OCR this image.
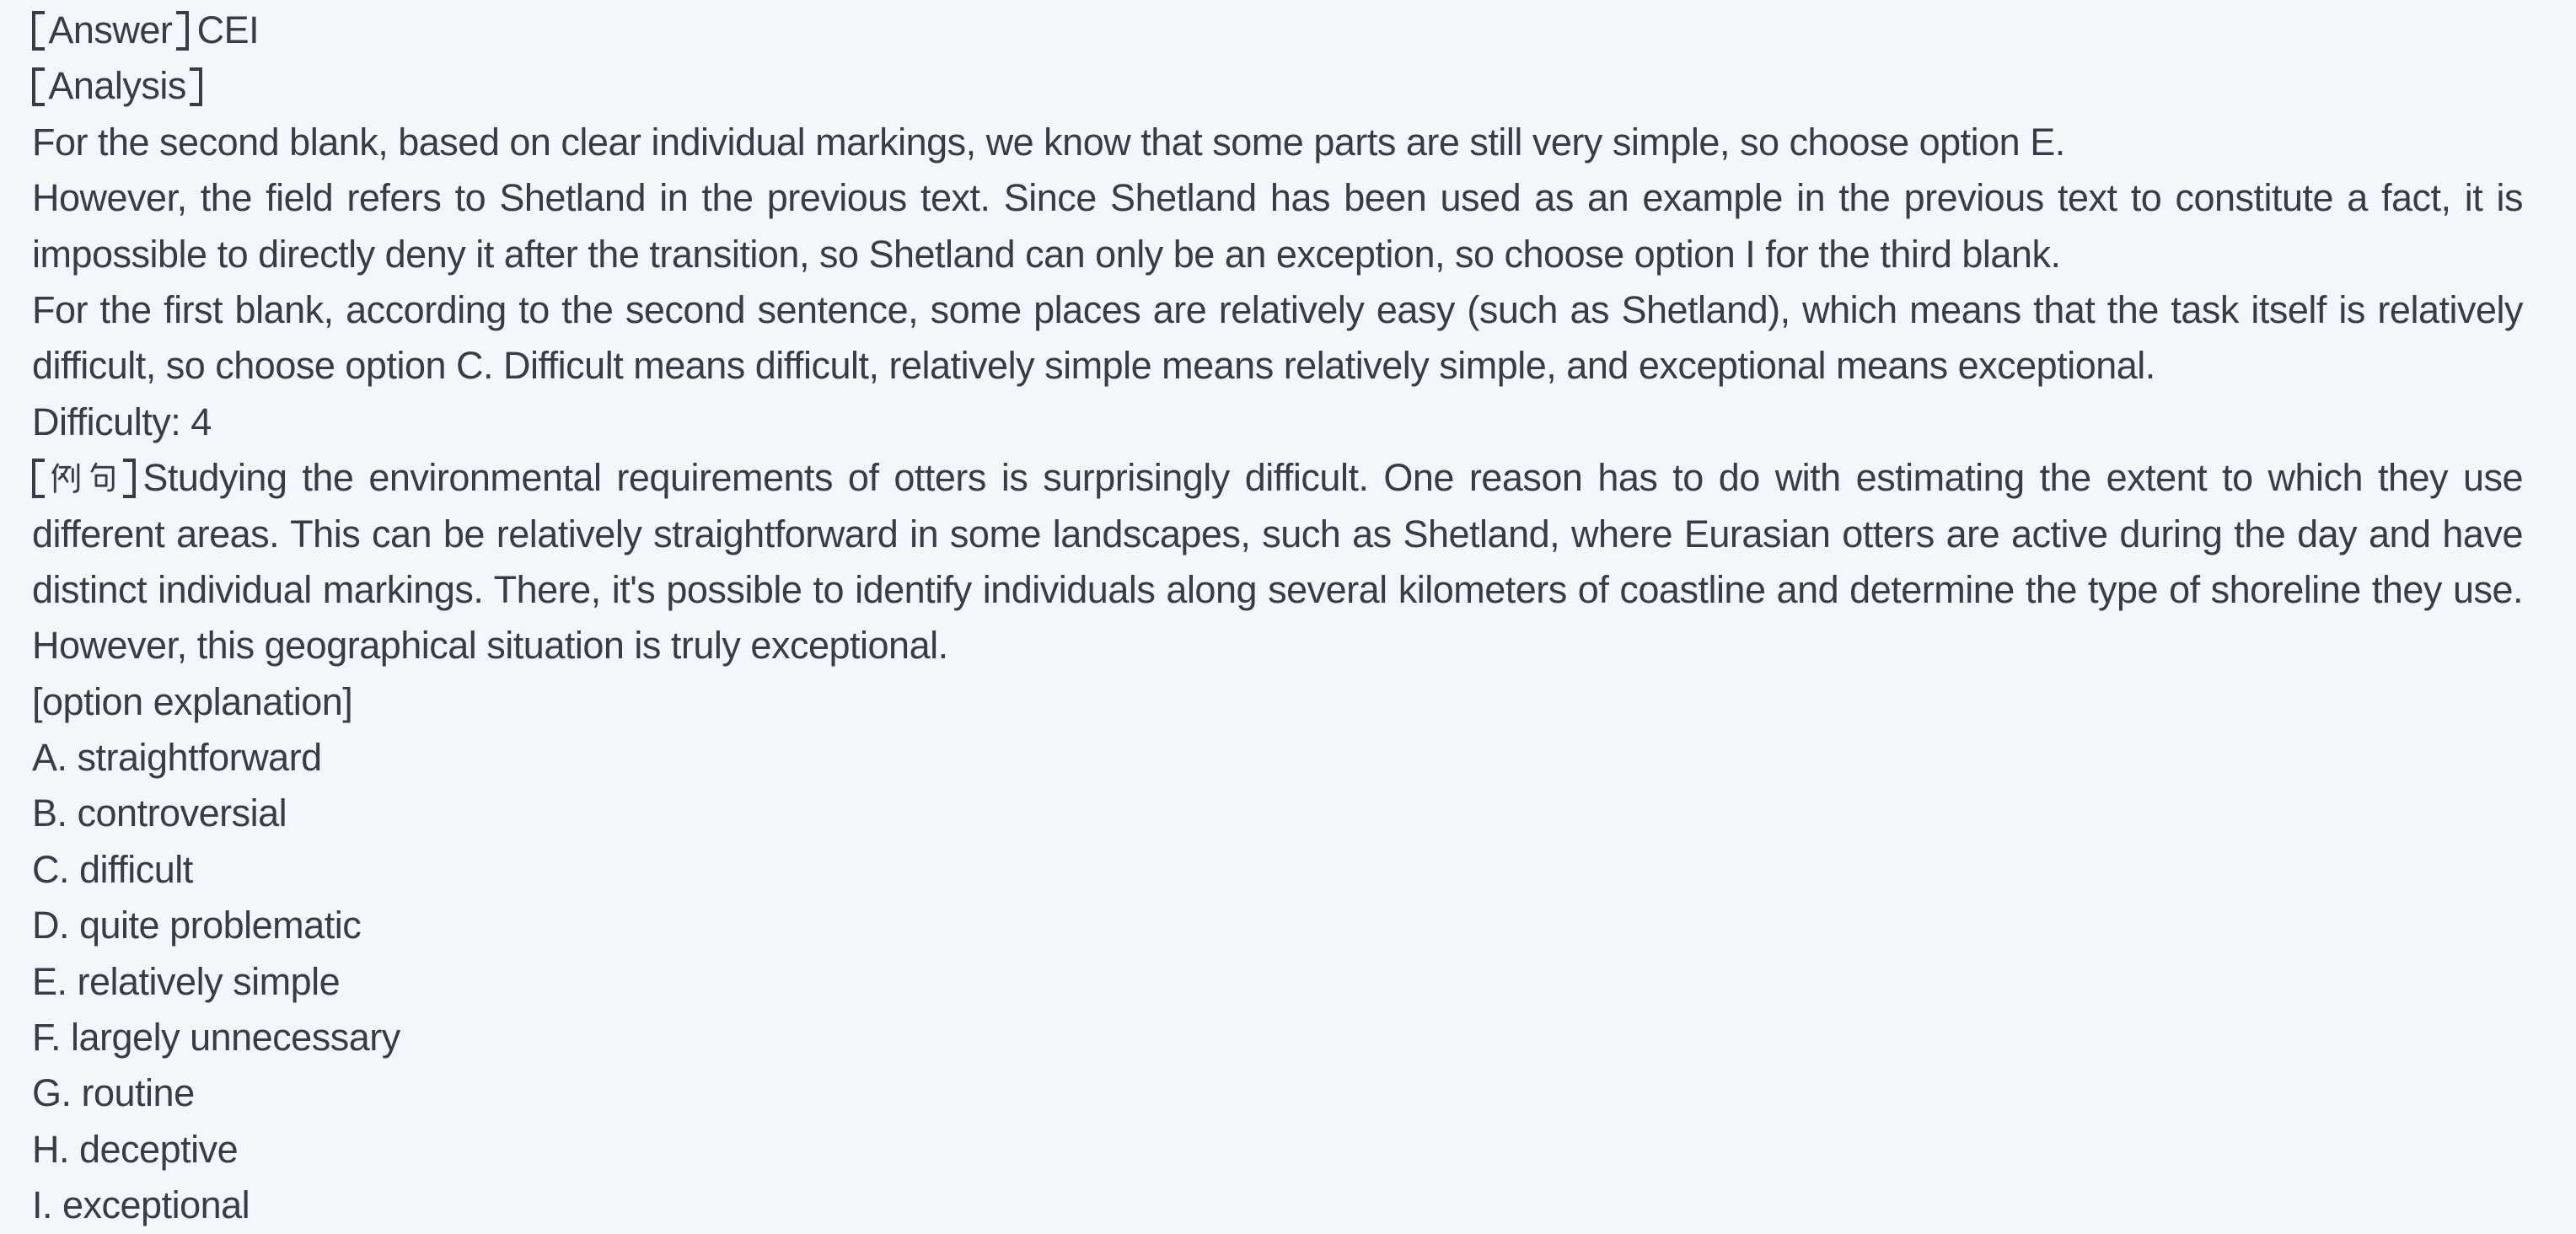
Answer CEI
Analysis
For the second blank, based on clear individual markings, we know that some parts are still very simple, so choose option E.
However, the field refers to Shetland in the previous text. Since Shetland has been used as an example in the previous text to constitute a fact, it is
impossible to directly deny it after the transition, so Shetland can only be an exception, so choose option I for the third blank.
For the first blank, according to the second sentence, some places are relatively easy (such as Shetland), which means that the task itself is relatively
difficult, so choose option C. Difficult means difficult, relatively simple means relatively simple, and exceptional means exceptional.
Difficulty: 4
Studying the environmental requirements of otters is surprisingly difficult. One reason has to do with estimating the extent to which they use
different areas. This can be relatively straightforward in some landscapes, such as Shetland, where Eurasian otters are active during the day and have
distinct individual markings. There, it's possible to identify individuals along several kilometers of coastline and determine the type of shoreline they use.
However, this geographical situation is truly exceptional.
[option explanation]
A. straightforward
B. controversial
C. difficult
D. quite problematic
E. relatively simple
F. largely unnecessary
G. routine
H. deceptive
I. exceptional
